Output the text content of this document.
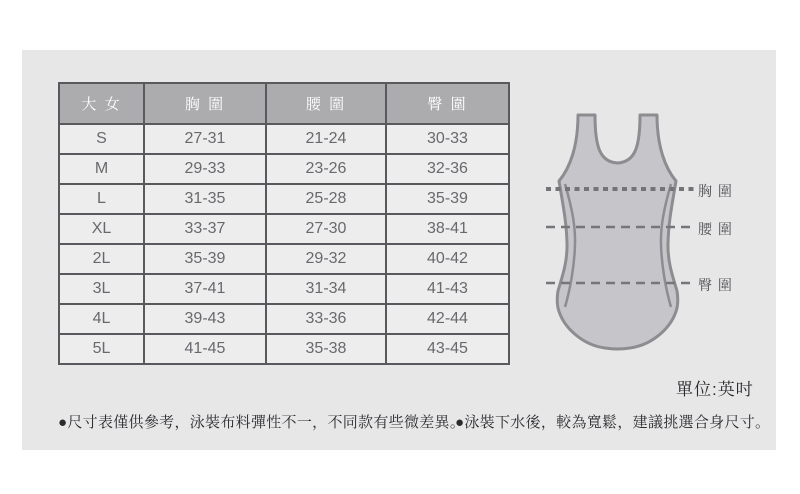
大 女	胸 圍	腰 圍	臀 圍
S	27-31	21-24	30-33
M	29-33	23-26	32-36
L	31-35	25-28	35-39
XL	33-37	27-30	38-41
2L	35-39	29-32	40-42
3L	37-41	31-34	41-43
4L	39-43	33-36	42-44
5L	41-45	35-38	43-45
胸 圍
腰 圍
臀 圍
單位:英吋
●尺寸表僅供參考，泳裝布料彈性不一，不同款有些微差異。
●泳裝下水後，較為寬鬆，建議挑選合身尺寸。
